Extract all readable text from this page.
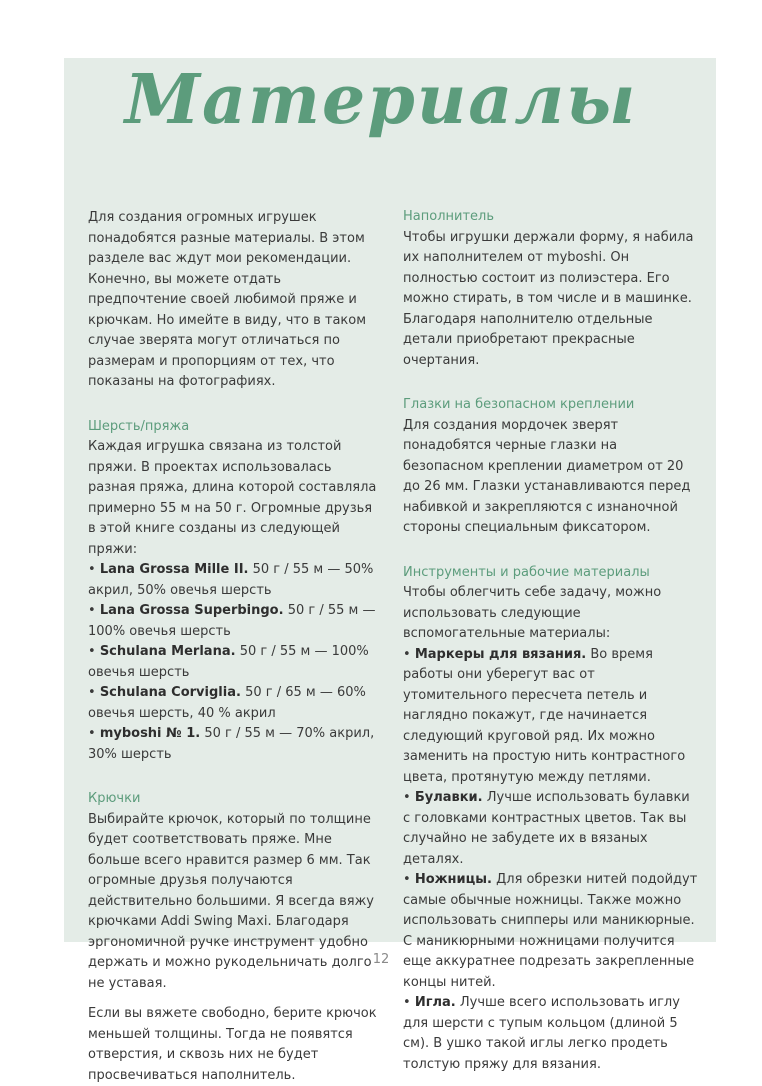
Материалы

Для создания огромных игрушек понадобятся разные материалы. В этом разделе вас ждут мои рекомендации. Конечно, вы можете отдать предпочтение своей любимой пряже и крючкам. Но имейте в виду, что в таком случае зверята могут отличаться по размерам и пропорциям от тех, что показаны на фотографиях.

Шерсть/пряжа

Каждая игрушка связана из толстой пряжи. В проектах использовалась разная пряжа, длина которой составляла примерно 55 м на 50 г. Огромные друзья в этой книге созданы из следующей пряжи:

• Lana Grossa Mille II. 50 г / 55 м — 50% акрил, 50% овечья шерсть

• Lana Grossa Superbingo. 50 г / 55 м — 100% овечья шерсть

• Schulana Merlana. 50 г / 55 м — 100% овечья шерсть

• Schulana Corviglia. 50 г / 65 м — 60% овечья шерсть, 40 % акрил

• myboshi № 1. 50 г / 55 м — 70% акрил, 30% шерсть

Крючки

Выбирайте крючок, который по толщине будет соответствовать пряже. Мне больше всего нравится размер 6 мм. Так огромные друзья получаются действительно большими. Я всегда вяжу крючками Addi Swing Maxi. Благодаря эргономичной ручке инструмент удобно держать и можно рукодельничать долго не уставая.

Если вы вяжете свободно, берите крючок меньшей толщины. Тогда не появятся отверстия, и сквозь них не будет просвечиваться наполнитель.

Наполнитель

Чтобы игрушки держали форму, я набила их наполнителем от myboshi. Он полностью состоит из полиэстера. Его можно стирать, в том числе и в машинке. Благодаря наполнителю отдельные детали приобретают прекрасные очертания.

Глазки на безопасном креплении

Для создания мордочек зверят понадобятся черные глазки на безопасном креплении диаметром от 20 до 26 мм. Глазки устанавливаются перед набивкой и закрепляются с изнаночной стороны специальным фиксатором.

Инструменты и рабочие материалы

Чтобы облегчить себе задачу, можно использовать следующие вспомогательные материалы:

• Маркеры для вязания. Во время работы они уберегут вас от утомительного пересчета петель и наглядно покажут, где начинается следующий круговой ряд. Их можно заменить на простую нить контрастного цвета, протянутую между петлями.

• Булавки. Лучше использовать булавки с головками контрастных цветов. Так вы случайно не забудете их в вязаных деталях.

• Ножницы. Для обрезки нитей подойдут самые обычные ножницы. Также можно использовать снипперы или маникюрные. С маникюрными ножницами получится еще аккуратнее подрезать закрепленные концы нитей.

• Игла. Лучше всего использовать иглу для шерсти с тупым кольцом (длиной 5 см). В ушко такой иглы легко продеть толстую пряжу для вязания.

12
